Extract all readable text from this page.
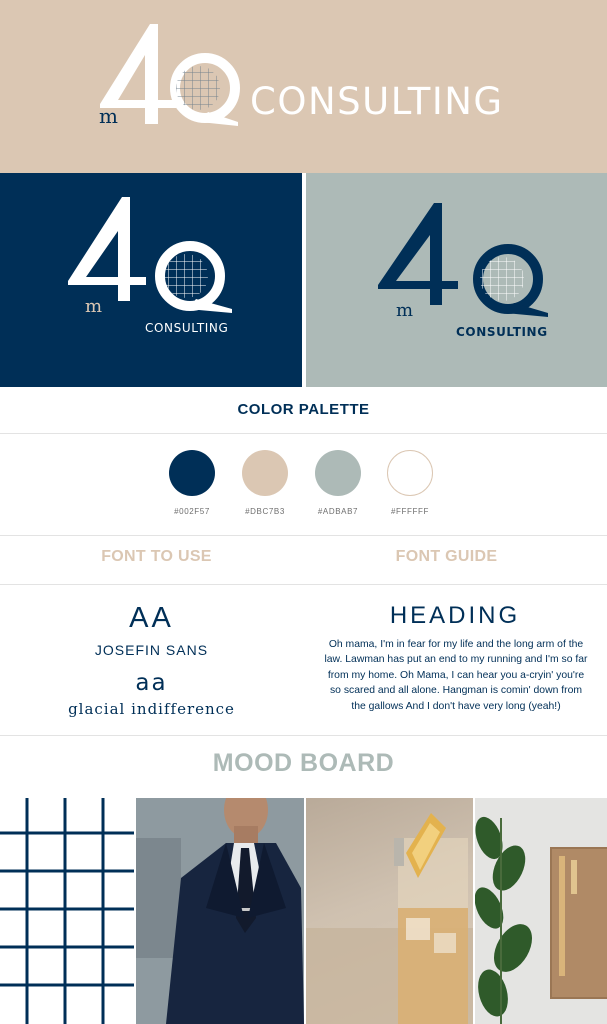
m	CONSULTING
m
CONSULTING
m
CONSULTING
COLOR PALETTE
#002F57	#DBC7B3	#ADBAB7	#FFFFFF
FONT TO USE	FONT GUIDE
AA
JOSEFIN SANS
aa
glacial indifference
HEADING
Oh mama, I'm in fear for my life and the long arm of the law. Lawman has put an end to my running and I'm so far from my home. Oh Mama, I can hear you a-cryin' you're so scared and all alone. Hangman is comin' down from the gallows And I don't have very long (yeah!)
MOOD BOARD
